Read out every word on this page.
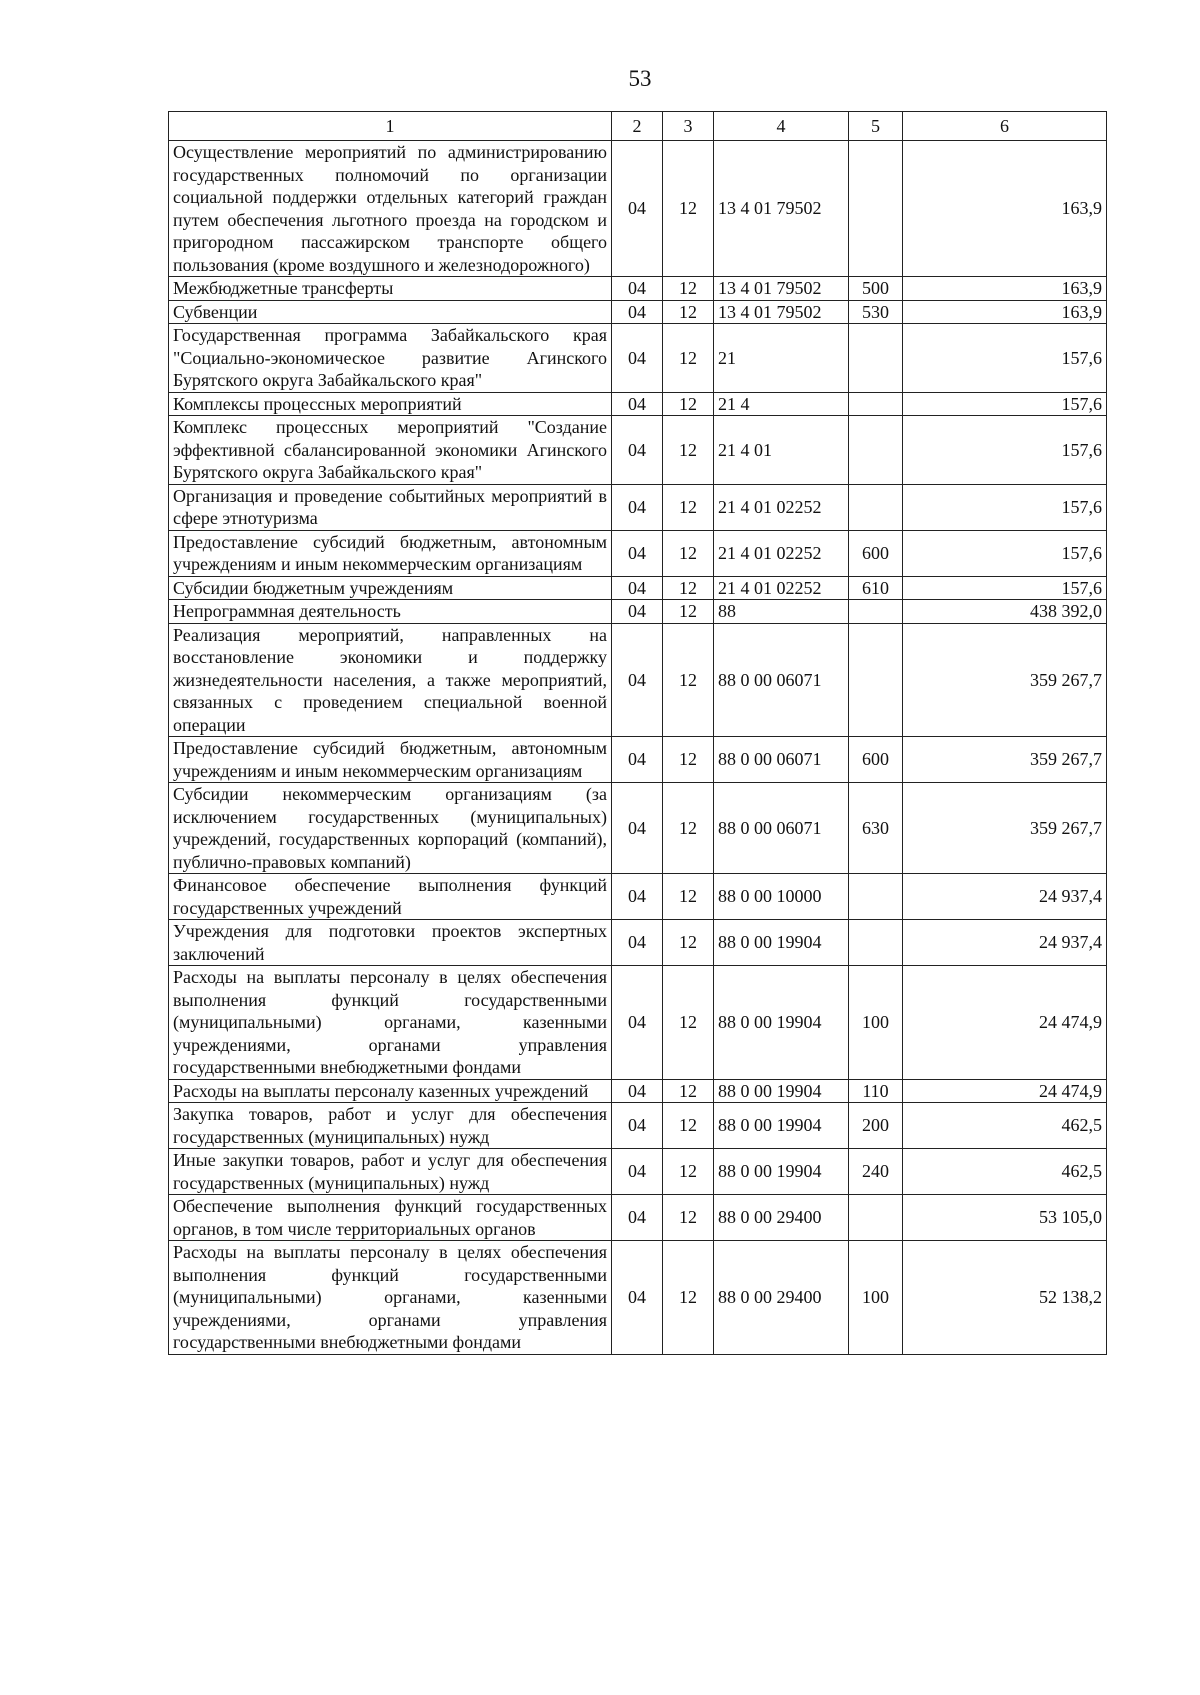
53
1	2	3	4	5	6
Осуществление мероприятий по администрированию государственных полномочий по организации социальной поддержки отдельных категорий граждан путем обеспечения льготного проезда на городском и пригородном пассажирском транспорте общего пользования (кроме воздушного и железнодорожного)	04	12	13 4 01 79502		163,9
Межбюджетные трансферты	04	12	13 4 01 79502	500	163,9
Субвенции	04	12	13 4 01 79502	530	163,9
Государственная программа Забайкальского края "Социально-экономическое развитие Агинского Бурятского округа Забайкальского края"	04	12	21		157,6
Комплексы процессных мероприятий	04	12	21 4		157,6
Комплекс процессных мероприятий "Создание эффективной сбалансированной экономики Агинского Бурятского округа Забайкальского края"	04	12	21 4 01		157,6
Организация и проведение событийных мероприятий в сфере этнотуризма	04	12	21 4 01 02252		157,6
Предоставление субсидий бюджетным, автономным учреждениям и иным некоммерческим организациям	04	12	21 4 01 02252	600	157,6
Субсидии бюджетным учреждениям	04	12	21 4 01 02252	610	157,6
Непрограммная деятельность	04	12	88		438 392,0
Реализация мероприятий, направленных на восстановление экономики и поддержку жизнедеятельности населения, а также мероприятий, связанных с проведением специальной военной операции	04	12	88 0 00 06071		359 267,7
Предоставление субсидий бюджетным, автономным учреждениям и иным некоммерческим организациям	04	12	88 0 00 06071	600	359 267,7
Субсидии некоммерческим организациям (за исключением государственных (муниципальных) учреждений, государственных корпораций (компаний), публично-правовых компаний)	04	12	88 0 00 06071	630	359 267,7
Финансовое обеспечение выполнения функций государственных учреждений	04	12	88 0 00 10000		24 937,4
Учреждения для подготовки проектов экспертных заключений	04	12	88 0 00 19904		24 937,4
Расходы на выплаты персоналу в целях обеспечения выполнения функций государственными (муниципальными) органами, казенными учреждениями, органами управления государственными внебюджетными фондами	04	12	88 0 00 19904	100	24 474,9
Расходы на выплаты персоналу казенных учреждений	04	12	88 0 00 19904	110	24 474,9
Закупка товаров, работ и услуг для обеспечения государственных (муниципальных) нужд	04	12	88 0 00 19904	200	462,5
Иные закупки товаров, работ и услуг для обеспечения государственных (муниципальных) нужд	04	12	88 0 00 19904	240	462,5
Обеспечение выполнения функций государственных органов, в том числе территориальных органов	04	12	88 0 00 29400		53 105,0
Расходы на выплаты персоналу в целях обеспечения выполнения функций государственными (муниципальными) органами, казенными учреждениями, органами управления государственными внебюджетными фондами	04	12	88 0 00 29400	100	52 138,2
